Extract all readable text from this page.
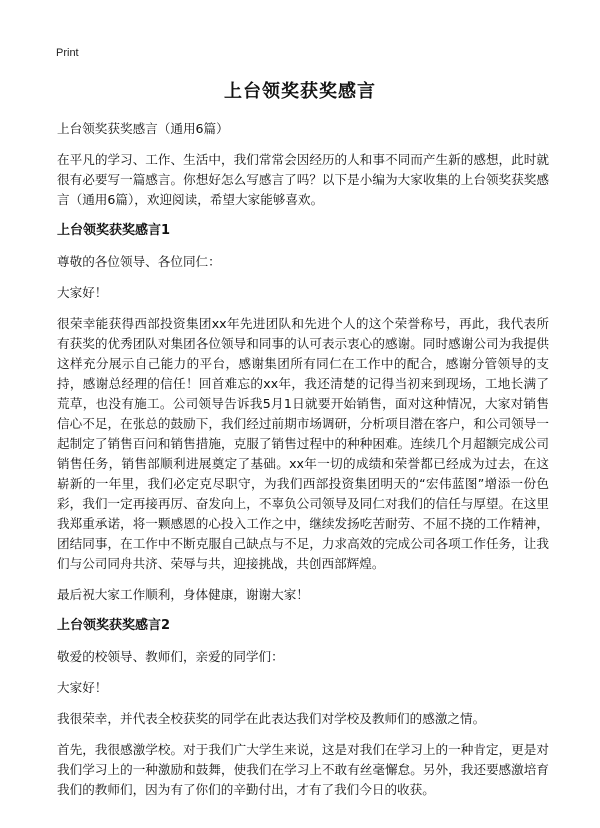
Print
上台领奖获奖感言

上台领奖获奖感言（通用6篇）

在平凡的学习、工作、生活中，我们常常会因经历的人和事不同而产生新的感想，此时就很有必要写一篇感言。你想好怎么写感言了吗？以下是小编为大家收集的上台领奖获奖感言（通用6篇），欢迎阅读，希望大家能够喜欢。

上台领奖获奖感言1

尊敬的各位领导、各位同仁：

大家好！

很荣幸能获得西部投资集团xx年先进团队和先进个人的这个荣誉称号，再此，我代表所有获奖的优秀团队对集团各位领导和同事的认可表示衷心的感谢。同时感谢公司为我提供这样充分展示自己能力的平台，感谢集团所有同仁在工作中的配合，感谢分管领导的支持，感谢总经理的信任！回首难忘的xx年，我还清楚的记得当初来到现场，工地长满了荒草，也没有施工。公司领导告诉我5月1日就要开始销售，面对这种情况，大家对销售信心不足，在张总的鼓励下，我们经过前期市场调研，分析项目潜在客户，和公司领导一起制定了销售百问和销售措施，克服了销售过程中的种种困难。连续几个月超额完成公司销售任务，销售部顺利进展奠定了基础。xx年一切的成绩和荣誉都已经成为过去，在这崭新的一年里，我们必定克尽职守，为我们西部投资集团明天的“宏伟蓝图”增添一份色彩，我们一定再接再厉、奋发向上，不辜负公司领导及同仁对我们的信任与厚望。在这里我郑重承诺，将一颗感恩的心投入工作之中，继续发扬吃苦耐劳、不屈不挠的工作精神，团结同事，在工作中不断克服自己缺点与不足，力求高效的完成公司各项工作任务，让我们与公司同舟共济、荣辱与共，迎接挑战，共创西部辉煌。

最后祝大家工作顺利，身体健康，谢谢大家！

上台领奖获奖感言2

敬爱的校领导、教师们，亲爱的同学们：

大家好！

我很荣幸，并代表全校获奖的同学在此表达我们对学校及教师们的感激之情。

首先，我很感激学校。对于我们广大学生来说，这是对我们在学习上的一种肯定，更是对我们学习上的一种激励和鼓舞，使我们在学习上不敢有丝毫懈怠。另外，我还要感激培育我们的教师们，因为有了你们的辛勤付出，才有了我们今日的收获。
